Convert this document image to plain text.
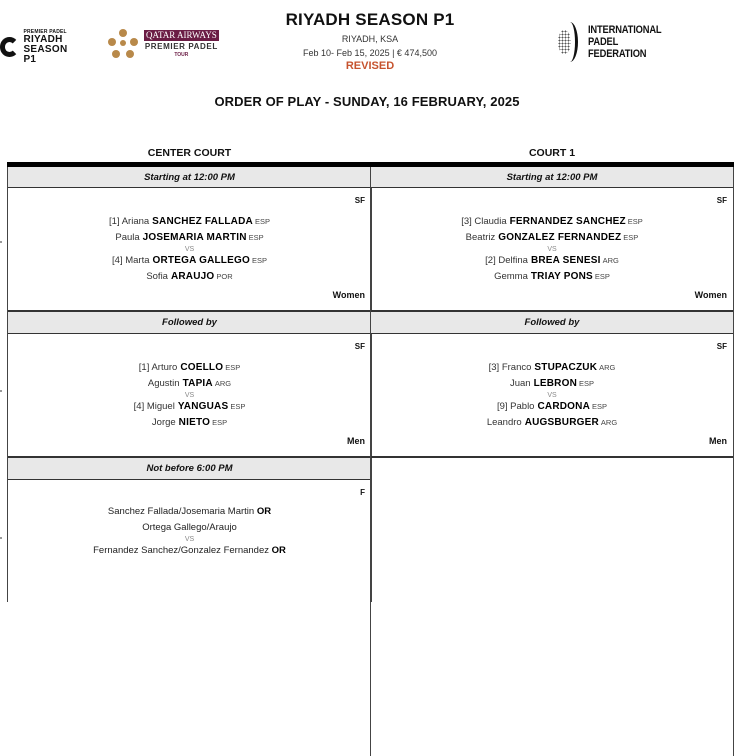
PREMIER PADEL
RIYADH SEASON
P1
QATAR AIRWAYS
PREMIER PADEL
TOUR
RIYADH SEASON P1
RIYADH, KSA
Feb 10- Feb 15, 2025 | € 474,500
REVISED
INTERNATIONAL
PADEL
FEDERATION
ORDER OF PLAY - SUNDAY, 16 FEBRUARY, 2025
CENTER COURT	COURT 1
Starting at 12:00 PM
SF
[1] Ariana SANCHEZ FALLADA ESP
Paula JOSEMARIA MARTIN ESP
VS
[4] Marta ORTEGA GALLEGO ESP
Sofia ARAUJO POR
Women
Followed by
SF
[1] Arturo COELLO ESP
Agustin TAPIA ARG
VS
[4] Miguel YANGUAS ESP
Jorge NIETO ESP
Men
Not before 6:00 PM
F
Sanchez Fallada/Josemaria Martin OR
Ortega Gallego/Araujo
VS
Fernandez Sanchez/Gonzalez Fernandez OR
Starting at 12:00 PM
SF
[3] Claudia FERNANDEZ SANCHEZ ESP
Beatriz GONZALEZ FERNANDEZ ESP
VS
[2] Delfina BREA SENESI ARG
Gemma TRIAY PONS ESP
Women
Followed by
SF
[3] Franco STUPACZUK ARG
Juan LEBRON ESP
VS
[9] Pablo CARDONA ESP
Leandro AUGSBURGER ARG
Men
